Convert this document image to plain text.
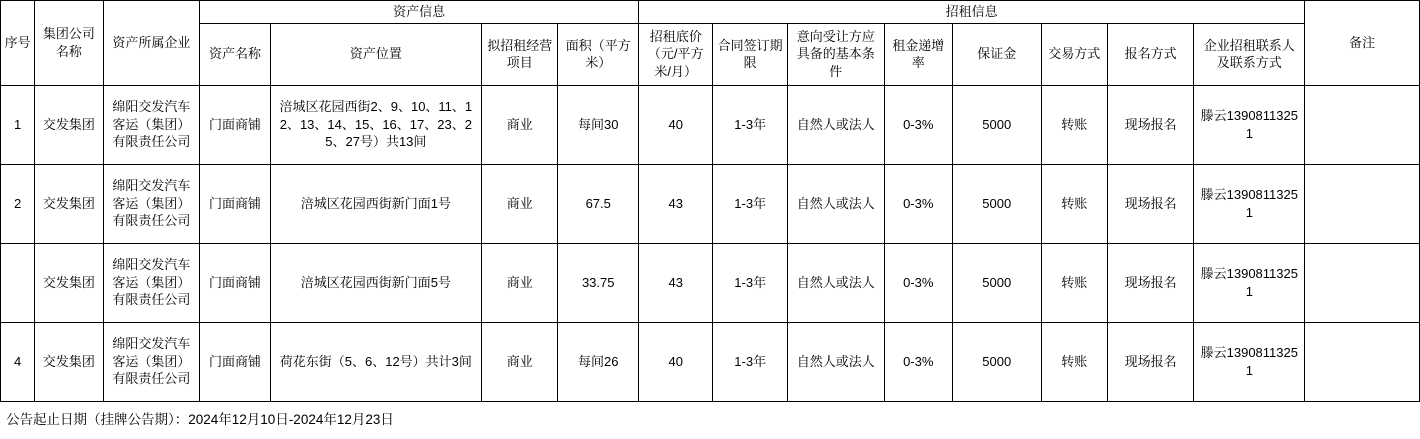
序号	集团公司名称	资产所属企业	资产信息				招租信息								备注
			资产名称	资产位置	拟招租经营项目	面积（平方米）	招租底价（元/平方米/月）	合同签订期限	意向受让方应具备的基本条件	租金递增率	保证金	交易方式	报名方式	企业招租联系人及联系方式	
1	交发集团	绵阳交发汽车客运（集团）有限责任公司	门面商铺	涪城区花园西街2、9、10、11、12、13、14、15、16、17、23、25、27号）共13间	商业	每间30	40	1-3年	自然人或法人	0-3%	5000	转账	现场报名	滕云13908113251	
2	交发集团	绵阳交发汽车客运（集团）有限责任公司	门面商铺	涪城区花园西街新门面1号	商业	67.5	43	1-3年	自然人或法人	0-3%	5000	转账	现场报名	滕云13908113251	
	交发集团	绵阳交发汽车客运（集团）有限责任公司	门面商铺	涪城区花园西街新门面5号	商业	33.75	43	1-3年	自然人或法人	0-3%	5000	转账	现场报名	滕云13908113251	
4	交发集团	绵阳交发汽车客运（集团）有限责任公司	门面商铺	荷花东街（5、6、12号）共计3间	商业	每间26	40	1-3年	自然人或法人	0-3%	5000	转账	现场报名	滕云13908113251	
公告起止日期（挂牌公告期）：2024年12月10日-2024年12月23日
